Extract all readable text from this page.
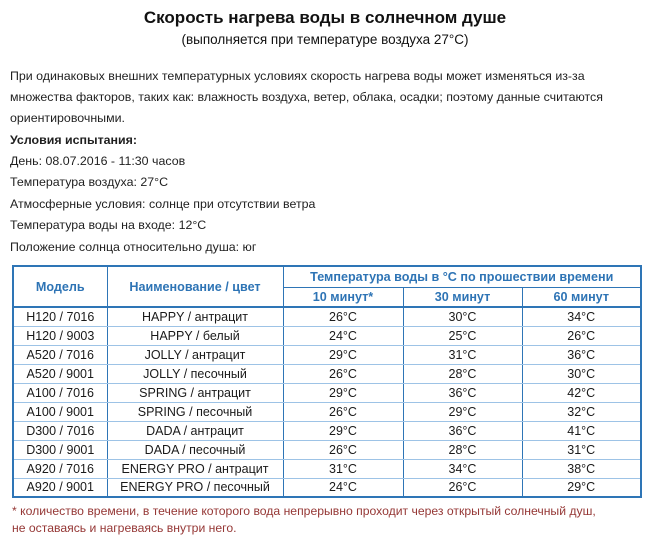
Скорость нагрева воды в солнечном душе
(выполняется при температуре воздуха 27°C)
При одинаковых внешних температурных условиях скорость нагрева воды может изменяться из-за множества факторов, таких как: влажность воздуха, ветер, облака, осадки; поэтому данные считаются ориентировочными.
Условия испытания:
День: 08.07.2016 - 11:30 часов
Температура воздуха: 27°C
Атмосферные условия: солнце при отсутствии ветра
Температура воды на входе: 12°C
Положение солнца относительно душа: юг
Модель	Наименование / цвет	Температура воды в °C по прошествии времени		
		10 минут*	30 минут	60 минут
H120 / 7016	HAPPY / антрацит	26°C	30°C	34°C
H120 / 9003	HAPPY / белый	24°C	25°C	26°C
A520 / 7016	JOLLY / антрацит	29°C	31°C	36°C
A520 / 9001	JOLLY / песочный	26°C	28°C	30°C
A100 / 7016	SPRING / антрацит	29°C	36°C	42°C
A100 / 9001	SPRING / песочный	26°C	29°C	32°C
D300 / 7016	DADA / антрацит	29°C	36°C	41°C
D300 / 9001	DADA / песочный	26°C	28°C	31°C
A920 / 7016	ENERGY PRO / антрацит	31°C	34°C	38°C
A920 / 9001	ENERGY PRO / песочный	24°C	26°C	29°C
* количество времени, в течение которого вода непрерывно проходит через открытый солнечный душ,
не оставаясь и нагреваясь внутри него.
